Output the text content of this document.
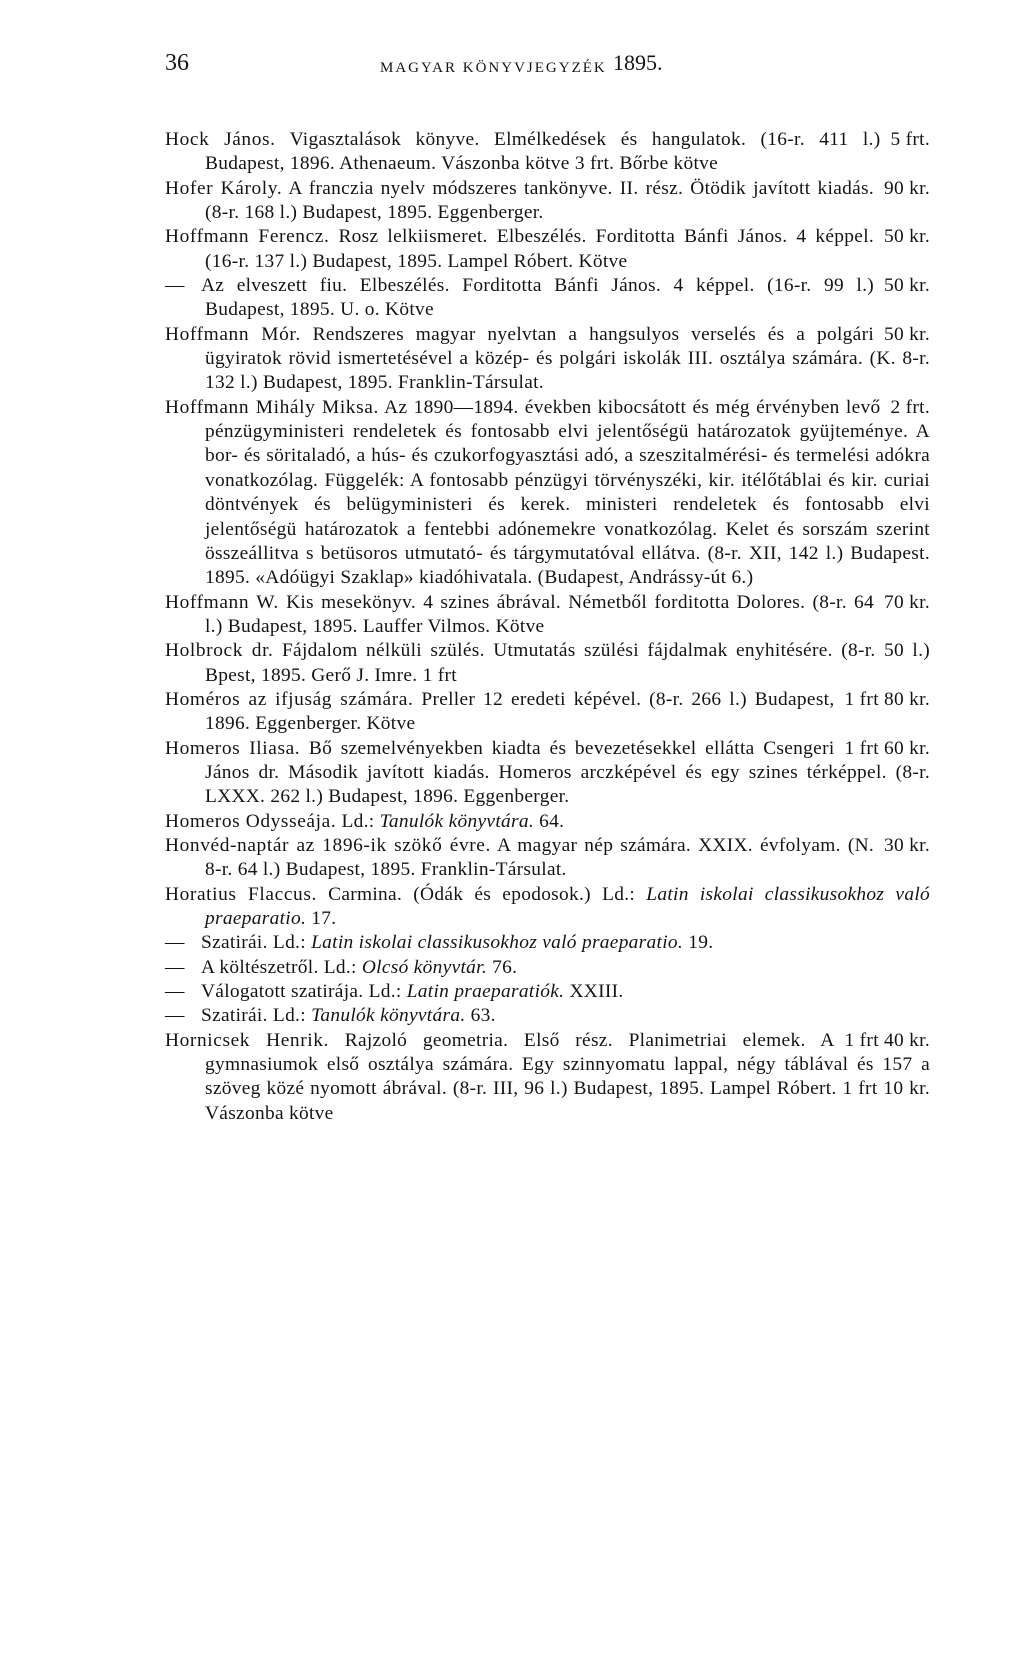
36	MAGYAR KÖNYVJEGYZÉK 1895.

5 frt.
Hock János. Vigasztalások könyve. Elmélkedések és hangulatok. (16-r. 411 l.) Budapest, 1896. Athenaeum. Vászonba kötve 3 frt. Bőrbe kötve

90 kr.
Hofer Károly. A franczia nyelv módszeres tankönyve. II. rész. Ötödik javított kiadás. (8-r. 168 l.) Budapest, 1895. Eggenberger.

50 kr.
Hoffmann Ferencz. Rosz lelkiismeret. Elbeszélés. Forditotta Bánfi János. 4 képpel. (16-r. 137 l.) Budapest, 1895. Lampel Róbert. Kötve

50 kr.
— Az elveszett fiu. Elbeszélés. Forditotta Bánfi János. 4 képpel. (16-r. 99 l.) Budapest, 1895. U. o. Kötve

50 kr.
Hoffmann Mór. Rendszeres magyar nyelvtan a hangsulyos verselés és a polgári ügyiratok rövid ismertetésével a közép- és polgári iskolák III. osztálya számára. (K. 8-r. 132 l.) Budapest, 1895. Franklin-Társulat.

2 frt.
Hoffmann Mihály Miksa. Az 1890—1894. években kibocsátott és még érvényben levő pénzügyministeri rendeletek és fontosabb elvi jelentőségü határozatok gyüjteménye. A bor- és söritaladó, a hús- és czukorfogyasztási adó, a szeszitalmérési- és termelési adókra vonatkozólag. Függelék: A fontosabb pénzügyi törvényszéki, kir. itélőtáblai és kir. curiai döntvények és belügyministeri és kerek. ministeri rendeletek és fontosabb elvi jelentőségü határozatok a fentebbi adónemekre vonatkozólag. Kelet és sorszám szerint összeállitva s betüsoros utmutató- és tárgymutatóval ellátva. (8-r. XII, 142 l.) Budapest. 1895. «Adóügyi Szaklap» kiadóhivatala. (Budapest, Andrássy-út 6.)

70 kr.
Hoffmann W. Kis mesekönyv. 4 szines ábrával. Németből forditotta Dolores. (8-r. 64 l.) Budapest, 1895. Lauffer Vilmos. Kötve

Holbrock dr. Fájdalom nélküli szülés. Utmutatás szülési fájdalmak enyhitésére. (8-r. 50 l.) Bpest, 1895. Gerő J. Imre. 1 frt

1 frt 80 kr.
Homéros az ifjuság számára. Preller 12 eredeti képével. (8-r. 266 l.) Budapest, 1896. Eggenberger. Kötve

1 frt 60 kr.
Homeros Iliasa. Bő szemelvényekben kiadta és bevezetésekkel ellátta Csengeri János dr. Második javított kiadás. Homeros arczképével és egy szines térképpel. (8-r. LXXX. 262 l.) Budapest, 1896. Eggenberger.

Homeros Odysseája. Ld.: Tanulók könyvtára. 64.

30 kr.
Honvéd-naptár az 1896-ik szökő évre. A magyar nép számára. XXIX. évfolyam. (N. 8-r. 64 l.) Budapest, 1895. Franklin-Társulat.

Horatius Flaccus. Carmina. (Ódák és epodosok.) Ld.: Latin iskolai classikusokhoz való praeparatio. 17.

— Szatirái. Ld.: Latin iskolai classikusokhoz való praeparatio. 19.

— A költészetről. Ld.: Olcsó könyvtár. 76.

— Válogatott szatirája. Ld.: Latin praeparatiók. XXIII.

— Szatirái. Ld.: Tanulók könyvtára. 63.

1 frt 40 kr.
Hornicsek Henrik. Rajzoló geometria. Első rész. Planimetriai elemek. A gymnasiumok első osztálya számára. Egy szinnyomatu lappal, négy táblával és 157 a szöveg közé nyomott ábrával. (8-r. III, 96 l.) Budapest, 1895. Lampel Róbert. 1 frt 10 kr. Vászonba kötve
